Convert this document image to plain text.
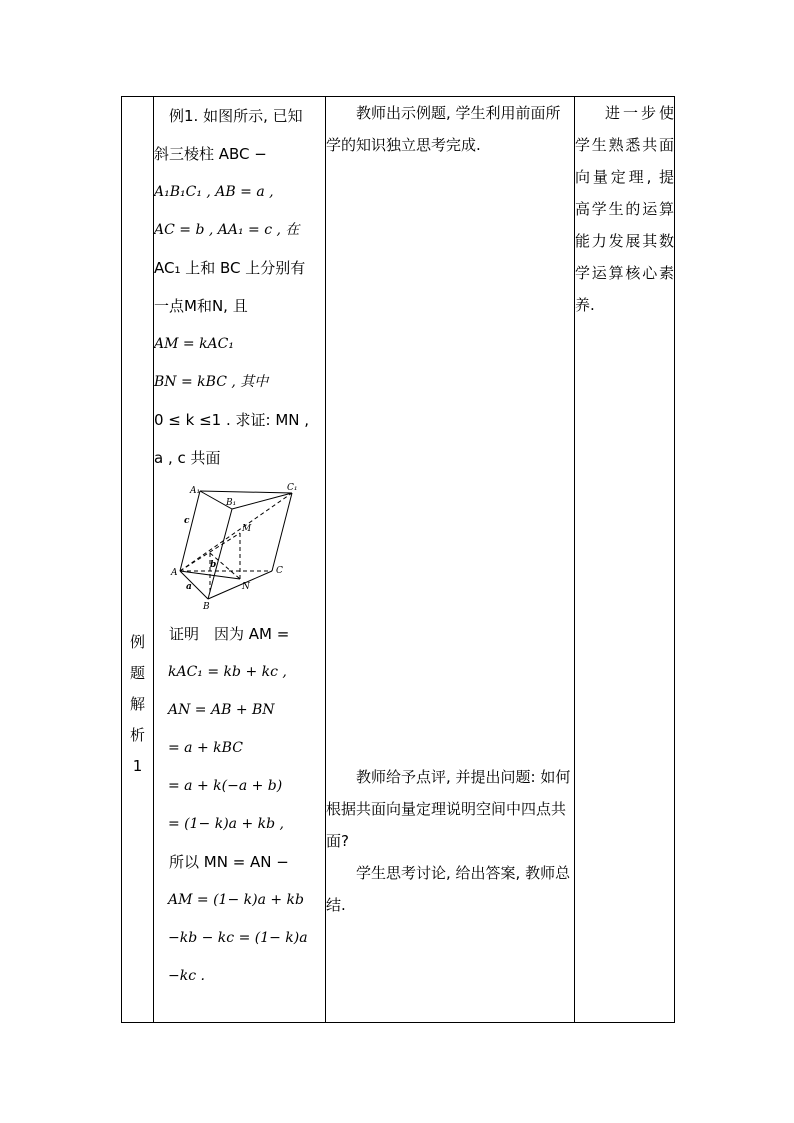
例
题
解
析
1

例1. 如图所示, 已知
斜三棱柱 ABC −
A₁B₁C₁ , AB = a ,
AC = b , AA₁ = c , 在
AC₁ 上和 BC 上分别有
一点M和N, 且
AM = kAC₁
BN = kBC , 其中
0 ≤ k ≤1 . 求证: MN ,
a , c 共面
A₁
B₁
C₁
A
B
C
M
N
a
b
c
证明　因为 AM =
kAC₁ = kb + kc ,
AN = AB + BN
= a + kBC
= a + k(−a + b)
= (1− k)a + kb ,
所以 MN = AN −
AM = (1− k)a + kb
−kb − kc = (1− k)a
−kc .

教师出示例题, 学生利用前面所学的知识独立思考完成.
教师给予点评, 并提出问题: 如何根据共面向量定理说明空间中四点共面?
学生思考讨论, 给出答案, 教师总结.

进一步使学生熟悉共面向量定理, 提高学生的运算能力发展其数学运算核心素养.
